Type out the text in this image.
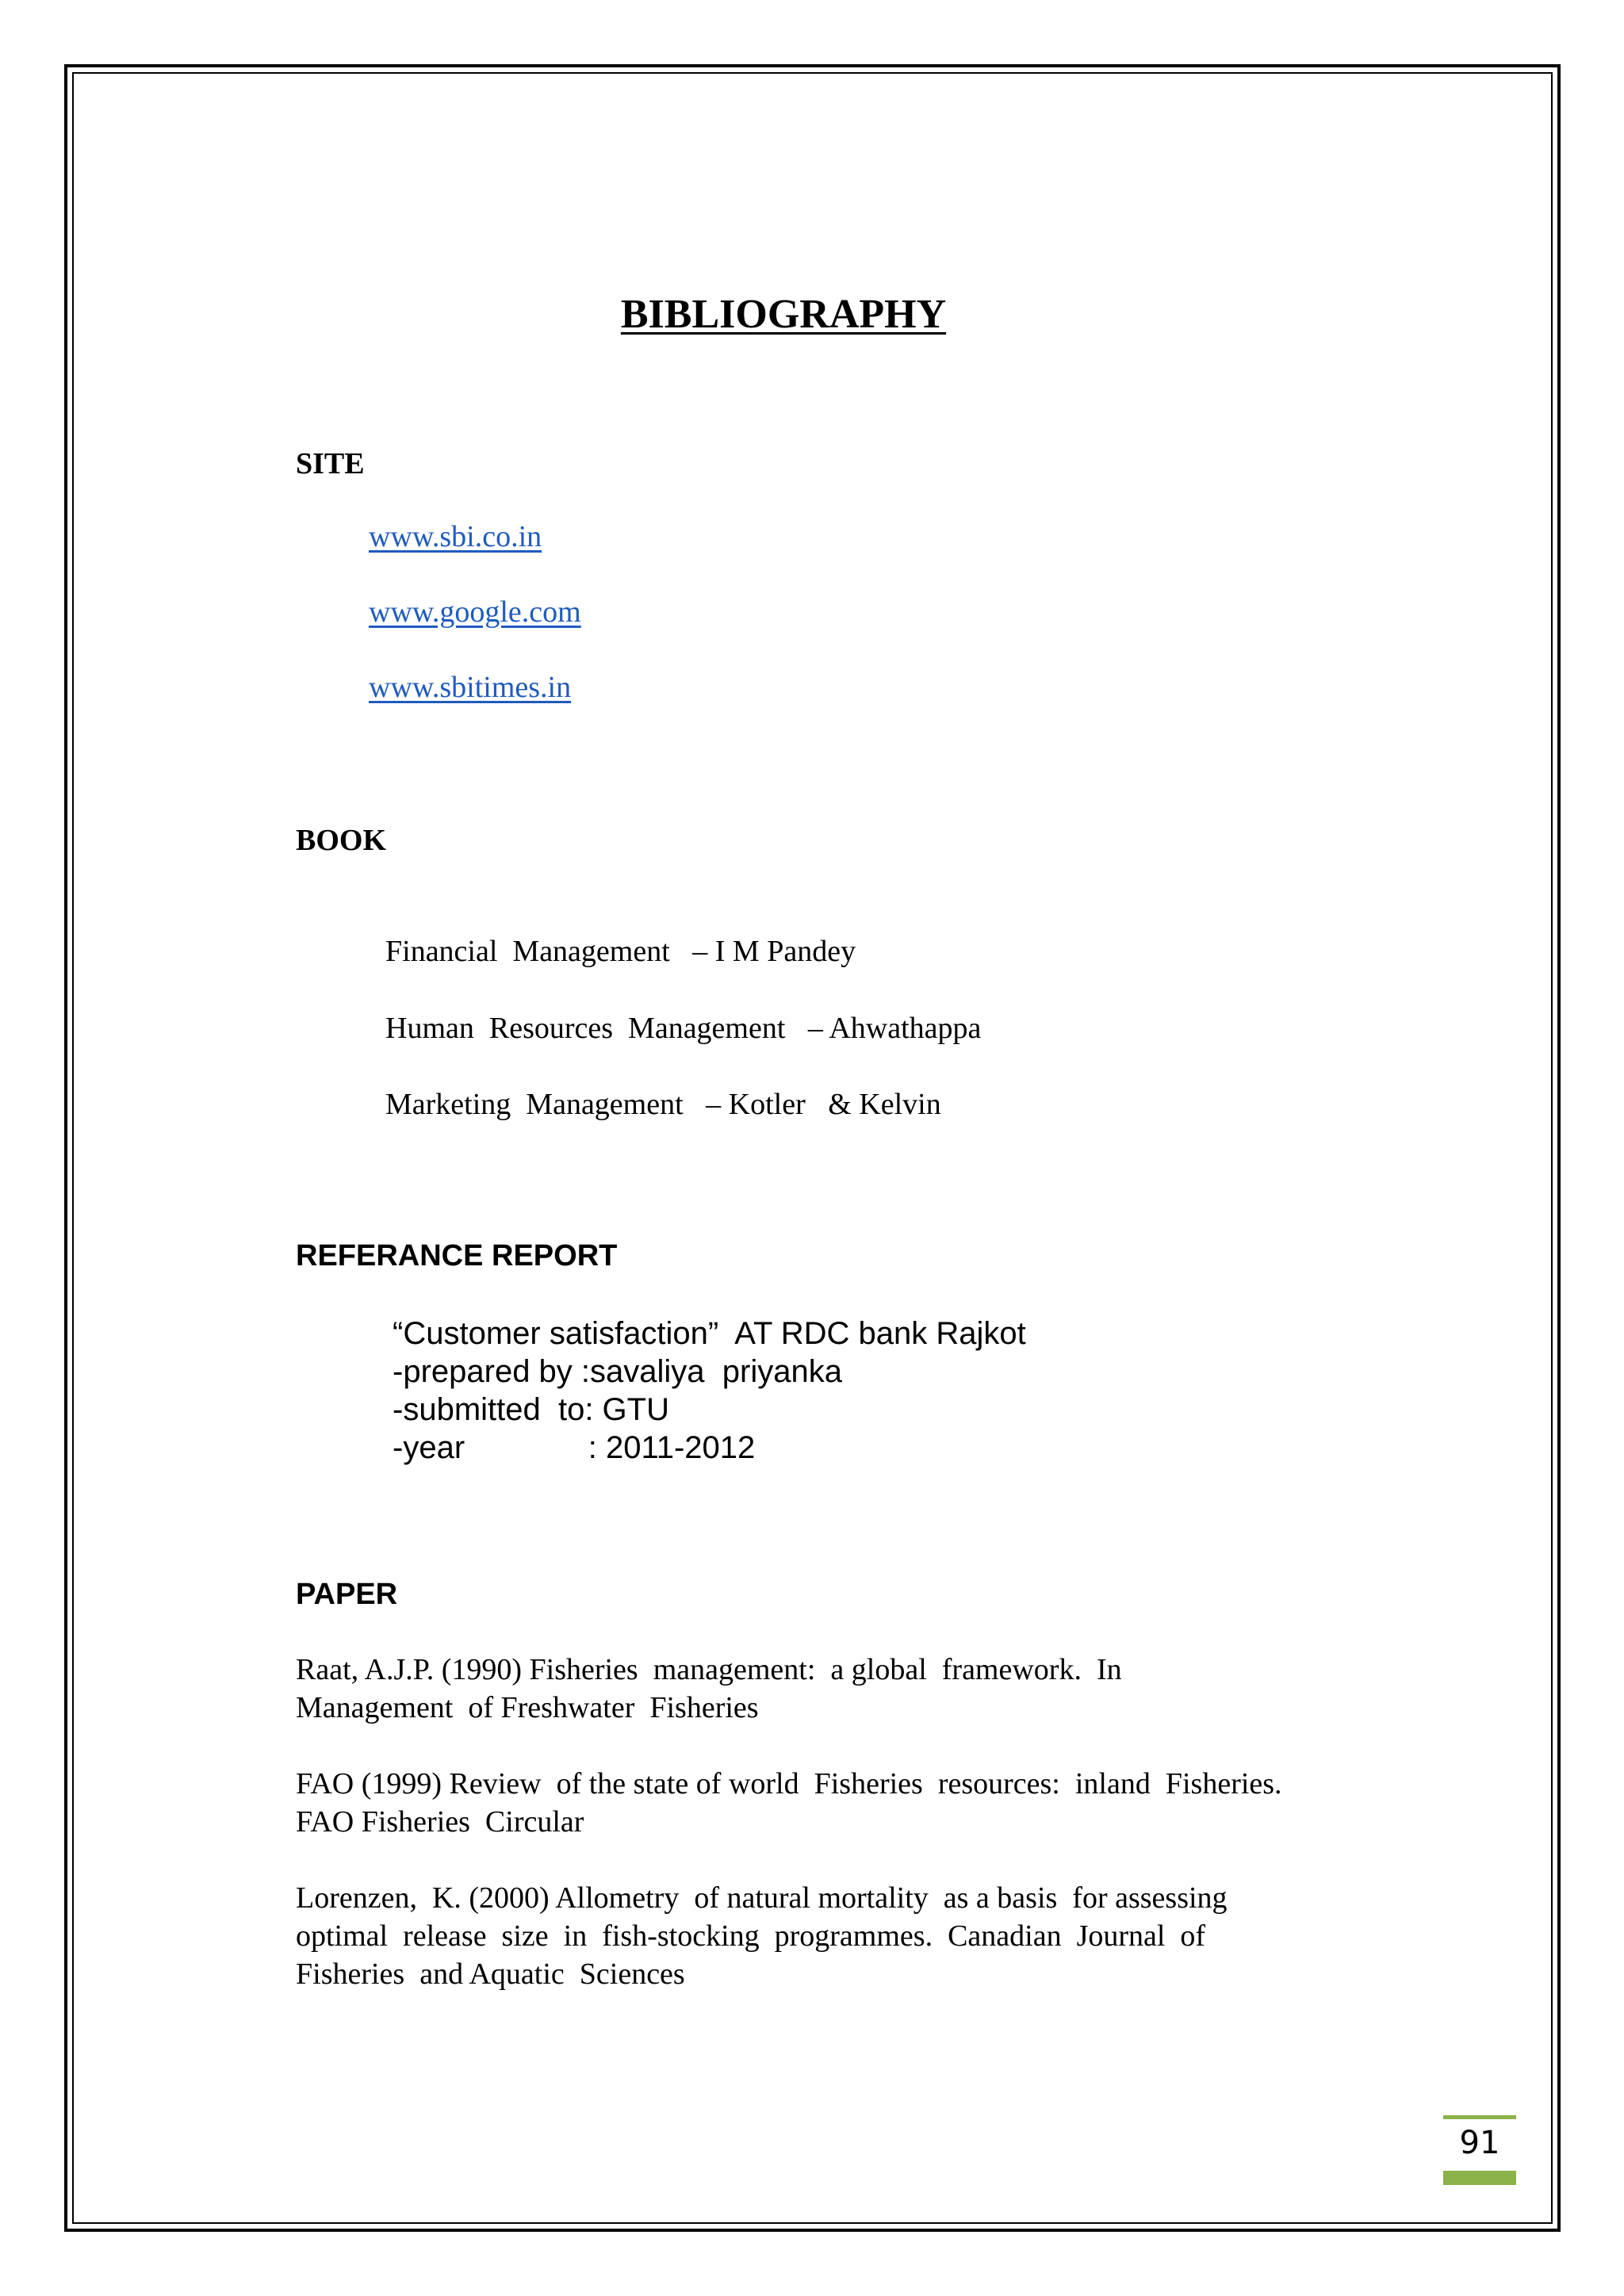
BIBLIOGRAPHY
SITE
www.sbi.co.in
www.google.com
www.sbitimes.in
BOOK
Financial  Management   – I M Pandey
Human  Resources  Management   – Ahwathappa
Marketing  Management   – Kotler   & Kelvin
REFERANCE REPORT
“Customer satisfaction”  AT RDC bank Rajkot
-prepared by :savaliya  priyanka
-submitted  to: GTU
-year              : 2011-2012
PAPER
Raat, A.J.P. (1990) Fisheries  management:  a global  framework.  In
Management  of Freshwater  Fisheries
FAO (1999) Review  of the state of world  Fisheries  resources:  inland  Fisheries.
FAO Fisheries  Circular
Lorenzen,  K. (2000) Allometry  of natural mortality  as a basis  for assessing
optimal  release  size  in  fish-stocking  programmes.  Canadian  Journal  of
Fisheries  and Aquatic  Sciences
91
